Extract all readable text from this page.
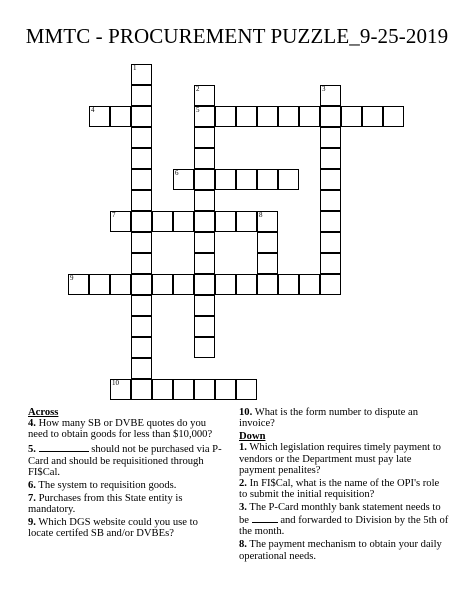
MMTC - PROCUREMENT PUZZLE_9-25-2019
1
2
5
3
4
6
7	8
9
10
Across
4. How many SB or DVBE quotes do you need to obtain goods for less than $10,000?
5.	should not be purchased via P-Card and should be requisitioned through FI$Cal.
6. The system to requisition goods.
7. Purchases from this State entity is mandatory.
9. Which DGS website could you use to locate certifed SB and/or DVBEs?
10. What is the form number to dispute an invoice?
Down
1. Which legislation requires timely payment to vendors or the Department must pay late payment penalites?
2. In FI$Cal, what is the name of the OPI's role to submit the initial requisition?
3. The P-Card monthly bank statement needs to be	and forwarded to Division by the 5th of the month.
8. The payment mechanism to obtain your daily operational needs.
